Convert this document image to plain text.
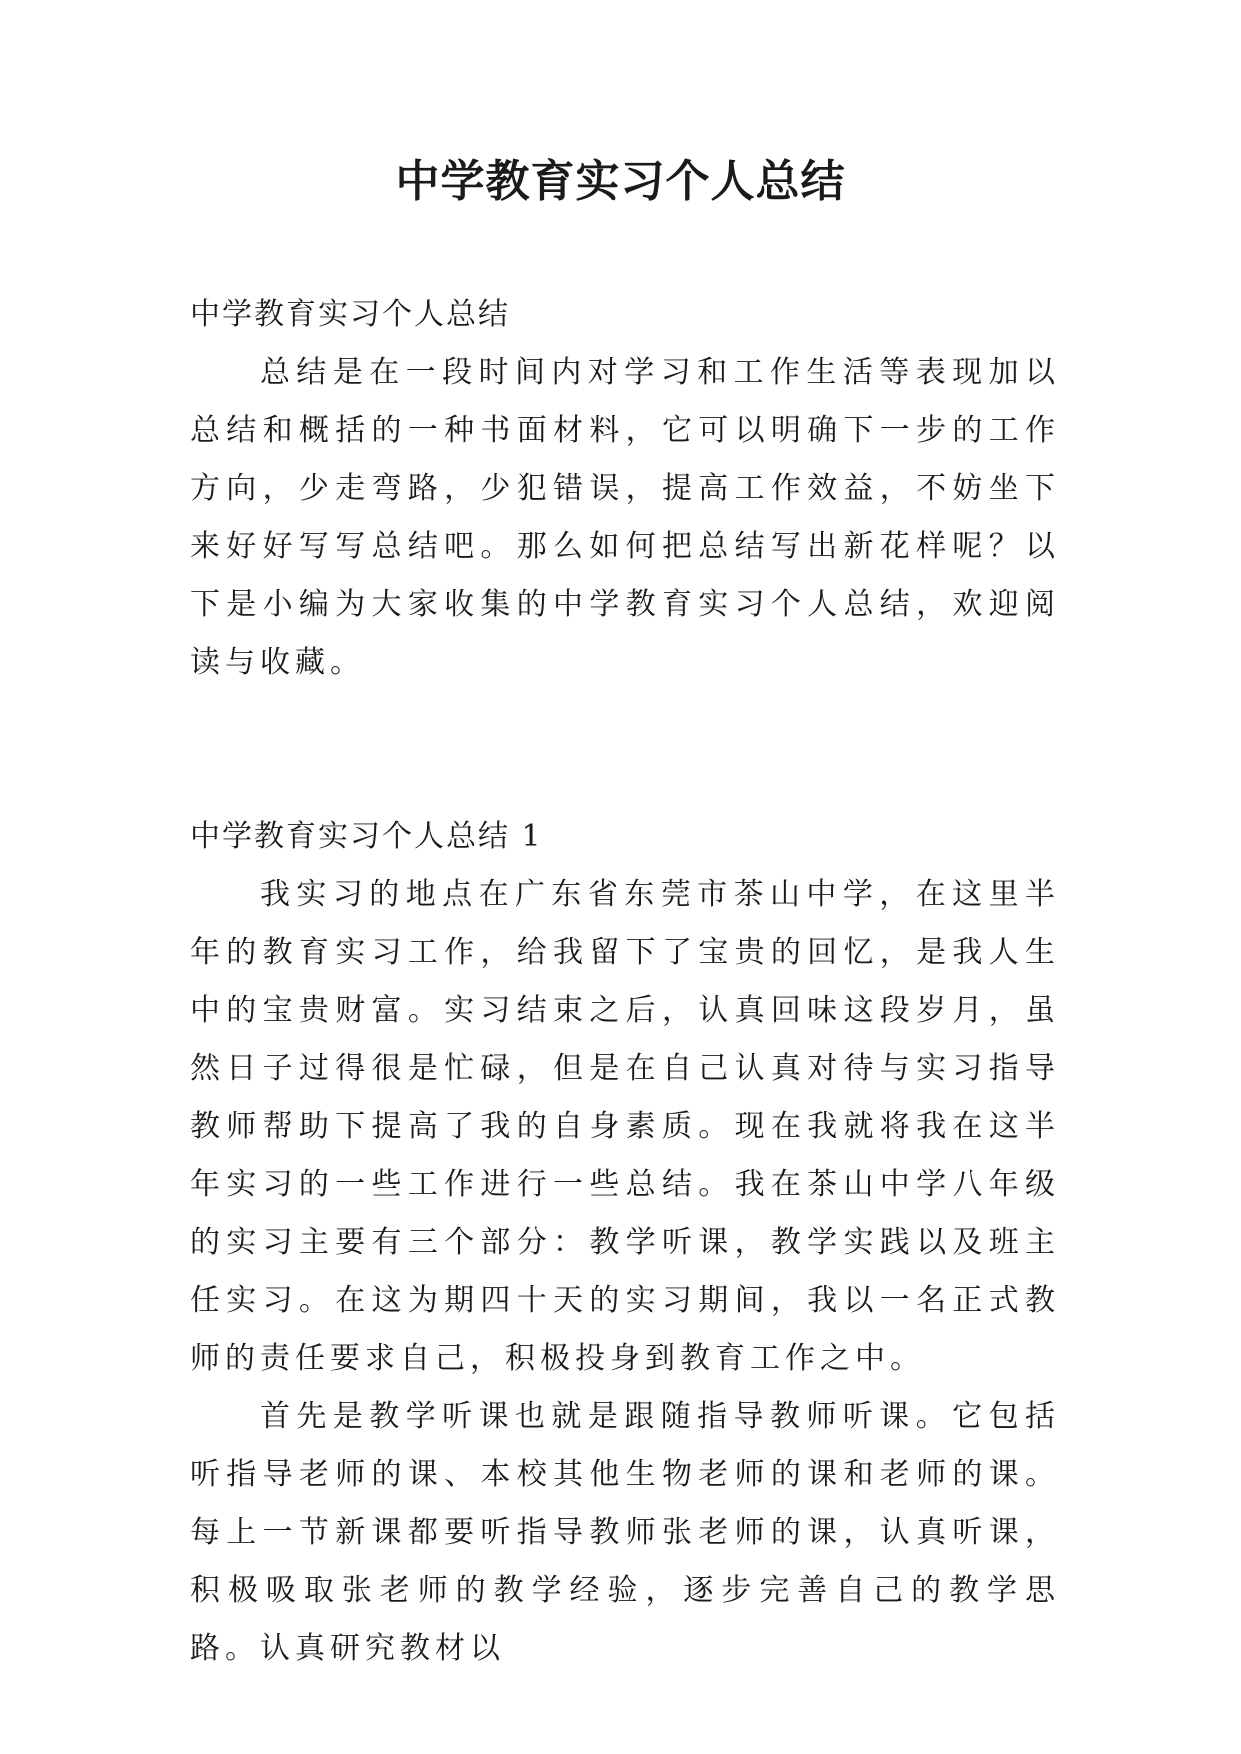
中学教育实习个人总结

中学教育实习个人总结

总结是在一段时间内对学习和工作生活等表现加以总结和概括的一种书面材料，它可以明确下一步的工作方向，少走弯路，少犯错误，提高工作效益，不妨坐下来好好写写总结吧。那么如何把总结写出新花样呢？以下是小编为大家收集的中学教育实习个人总结，欢迎阅读与收藏。

中学教育实习个人总结 1

我实习的地点在广东省东莞市茶山中学，在这里半年的教育实习工作，给我留下了宝贵的回忆，是我人生中的宝贵财富。实习结束之后，认真回味这段岁月，虽然日子过得很是忙碌，但是在自己认真对待与实习指导教师帮助下提高了我的自身素质。现在我就将我在这半年实习的一些工作进行一些总结。我在茶山中学八年级的实习主要有三个部分：教学听课，教学实践以及班主任实习。在这为期四十天的实习期间，我以一名正式教师的责任要求自己，积极投身到教育工作之中。

首先是教学听课也就是跟随指导教师听课。它包括听指导老师的课、本校其他生物老师的课和老师的课。每上一节新课都要听指导教师张老师的课，认真听课，积极吸取张老师的教学经验，逐步完善自己的教学思路。认真研究教材以
